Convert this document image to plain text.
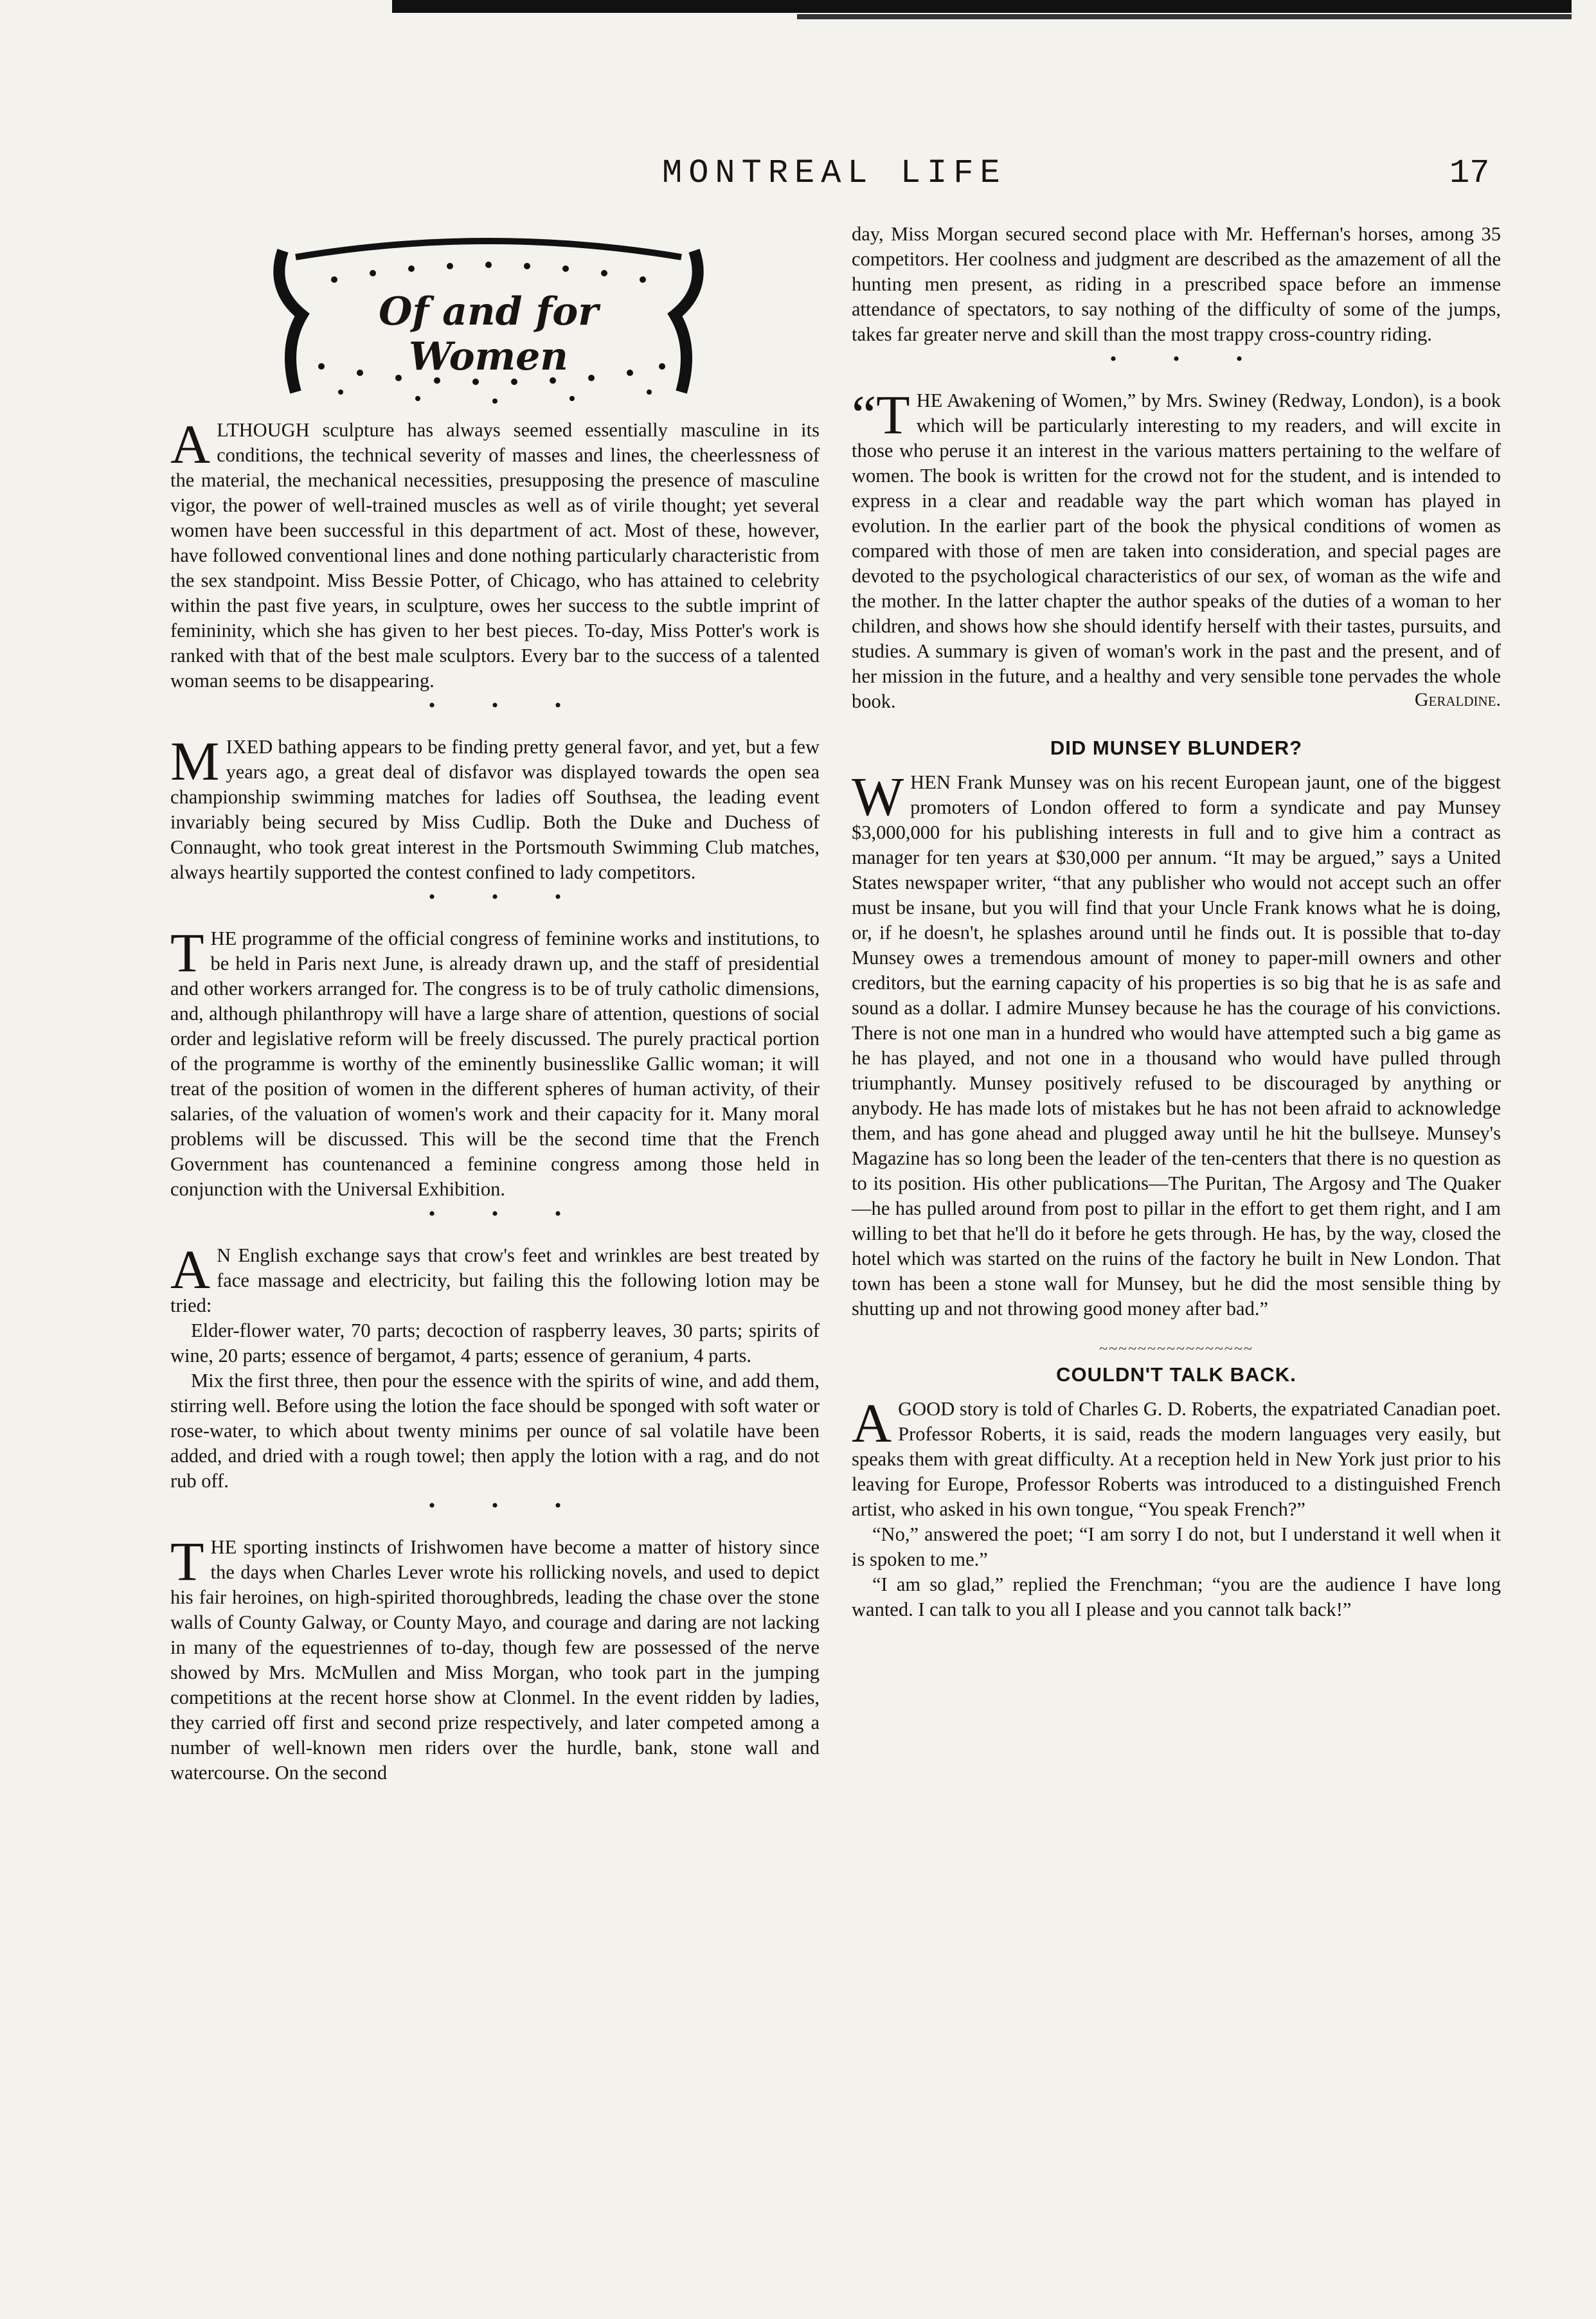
MONTREAL LIFE	17
Of and for Women

ALTHOUGH sculpture has always seemed essentially masculine in its conditions, the technical severity of masses and lines, the cheerlessness of the material, the mechanical necessities, presupposing the presence of masculine vigor, the power of well-trained muscles as well as of virile thought; yet several women have been successful in this department of act. Most of these, however, have followed conventional lines and done nothing particularly characteristic from the sex standpoint. Miss Bessie Potter, of Chicago, who has attained to celebrity within the past five years, in sculpture, owes her success to the subtle imprint of femininity, which she has given to her best pieces. To-day, Miss Potter's work is ranked with that of the best male sculptors. Every bar to the success of a talented woman seems to be disappearing.

• • •

MIXED bathing appears to be finding pretty general favor, and yet, but a few years ago, a great deal of disfavor was displayed towards the open sea championship swimming matches for ladies off Southsea, the leading event invariably being secured by Miss Cudlip. Both the Duke and Duchess of Connaught, who took great interest in the Portsmouth Swimming Club matches, always heartily supported the contest confined to lady competitors.

• • •

THE programme of the official congress of feminine works and institutions, to be held in Paris next June, is already drawn up, and the staff of presidential and other workers arranged for. The congress is to be of truly catholic dimensions, and, although philanthropy will have a large share of attention, questions of social order and legislative reform will be freely discussed. The purely practical portion of the programme is worthy of the eminently businesslike Gallic woman; it will treat of the position of women in the different spheres of human activity, of their salaries, of the valuation of women's work and their capacity for it. Many moral problems will be discussed. This will be the second time that the French Government has countenanced a feminine congress among those held in conjunction with the Universal Exhibition.

• • •

A N English exchange says that crow's feet and wrinkles are best treated by face massage and electricity, but failing this the following lotion may be tried:

Elder-flower water, 70 parts; decoction of raspberry leaves, 30 parts; spirits of wine, 20 parts; essence of bergamot, 4 parts; essence of geranium, 4 parts.

Mix the first three, then pour the essence with the spirits of wine, and add them, stirring well. Before using the lotion the face should be sponged with soft water or rose-water, to which about twenty minims per ounce of sal volatile have been added, and dried with a rough towel; then apply the lotion with a rag, and do not rub off.

• • •

THE sporting instincts of Irishwomen have become a matter of history since the days when Charles Lever wrote his rollicking novels, and used to depict his fair heroines, on high-spirited thoroughbreds, leading the chase over the stone walls of County Galway, or County Mayo, and courage and daring are not lacking in many of the equestriennes of to-day, though few are possessed of the nerve showed by Mrs. McMullen and Miss Morgan, who took part in the jumping competitions at the recent horse show at Clonmel. In the event ridden by ladies, they carried off first and second prize respectively, and later competed among a number of well-known men riders over the hurdle, bank, stone wall and watercourse. On the second

day, Miss Morgan secured second place with Mr. Heffernan's horses, among 35 competitors. Her coolness and judgment are described as the amazement of all the hunting men present, as riding in a prescribed space before an immense attendance of spectators, to say nothing of the difficulty of some of the jumps, takes far greater nerve and skill than the most trappy cross-country riding.

• • •

“THE Awakening of Women,” by Mrs. Swiney (Redway, London), is a book which will be particularly interesting to my readers, and will excite in those who peruse it an interest in the various matters pertaining to the welfare of women. The book is written for the crowd not for the student, and is intended to express in a clear and readable way the part which woman has played in evolution. In the earlier part of the book the physical conditions of women as compared with those of men are taken into consideration, and special pages are devoted to the psychological characteristics of our sex, of woman as the wife and the mother. In the latter chapter the author speaks of the duties of a woman to her children, and shows how she should identify herself with their tastes, pursuits, and studies. A summary is given of woman's work in the past and the present, and of her mission in the future, and a healthy and very sensible tone pervades the whole book.	Geraldine.
DID MUNSEY BLUNDER?

WHEN Frank Munsey was on his recent European jaunt, one of the biggest promoters of London offered to form a syndicate and pay Munsey $3,000,000 for his publishing interests in full and to give him a contract as manager for ten years at $30,000 per annum. “It may be argued,” says a United States newspaper writer, “that any publisher who would not accept such an offer must be insane, but you will find that your Uncle Frank knows what he is doing, or, if he doesn't, he splashes around until he finds out. It is possible that to-day Munsey owes a tremendous amount of money to paper-mill owners and other creditors, but the earning capacity of his properties is so big that he is as safe and sound as a dollar. I admire Munsey because he has the courage of his convictions. There is not one man in a hundred who would have attempted such a big game as he has played, and not one in a thousand who would have pulled through triumphantly. Munsey positively refused to be discouraged by anything or anybody. He has made lots of mistakes but he has not been afraid to acknowledge them, and has gone ahead and plugged away until he hit the bullseye. Munsey's Magazine has so long been the leader of the ten-centers that there is no question as to its position. His other publications—The Puritan, The Argosy and The Quaker—he has pulled around from post to pillar in the effort to get them right, and I am willing to bet that he'll do it before he gets through. He has, by the way, closed the hotel which was started on the ruins of the factory he built in New London. That town has been a stone wall for Munsey, but he did the most sensible thing by shutting up and not throwing good money after bad.”

~~~~~~~~~~~~~~~~
COULDN'T TALK BACK.

AGOOD story is told of Charles G. D. Roberts, the expatriated Canadian poet. Professor Roberts, it is said, reads the modern languages very easily, but speaks them with great difficulty. At a reception held in New York just prior to his leaving for Europe, Professor Roberts was introduced to a distinguished French artist, who asked in his own tongue, “You speak French?”

“No,” answered the poet; “I am sorry I do not, but I understand it well when it is spoken to me.”

“I am so glad,” replied the Frenchman; “you are the audience I have long wanted. I can talk to you all I please and you cannot talk back!”
